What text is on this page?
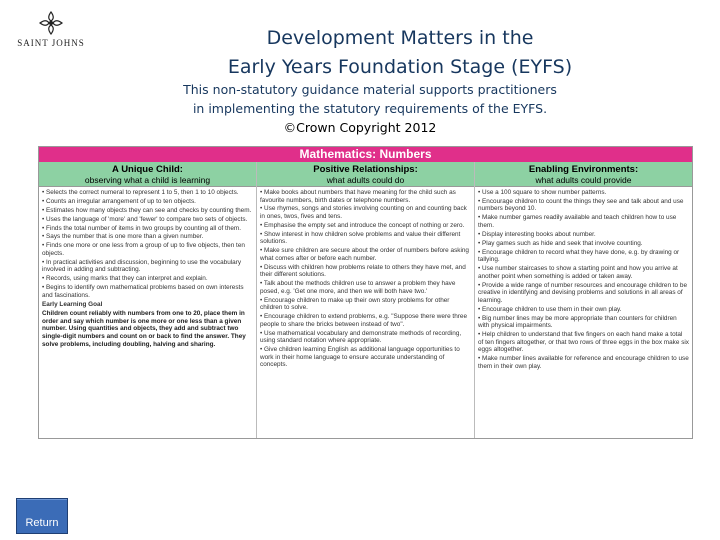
SAINT JOHNS	Development Matters in the
Early Years Foundation Stage (EYFS)
This non-statutory guidance material supports practitioners
in implementing the statutory requirements of the EYFS.
©Crown Copyright 2012
Mathematics: Numbers
A Unique Child:
observing what a child is learning

• Selects the correct numeral to represent 1 to 5, then 1 to 10 objects.

• Counts an irregular arrangement of up to ten objects.

• Estimates how many objects they can see and checks by counting them.

• Uses the language of 'more' and 'fewer' to compare two sets of objects.

• Finds the total number of items in two groups by counting all of them.

• Says the number that is one more than a given number.

• Finds one more or one less from a group of up to five objects, then ten objects.

• In practical activities and discussion, beginning to use the vocabulary involved in adding and subtracting.

• Records, using marks that they can interpret and explain.

• Begins to identify own mathematical problems based on own interests and fascinations.

Early Learning Goal

Children count reliably with numbers from one to 20, place them in order and say which number is one more or one less than a given number. Using quantities and objects, they add and subtract two single-digit numbers and count on or back to find the answer. They solve problems, including doubling, halving and sharing.

Positive Relationships:
what adults could do

• Make books about numbers that have meaning for the child such as favourite numbers, birth dates or telephone numbers.

• Use rhymes, songs and stories involving counting on and counting back in ones, twos, fives and tens.

• Emphasise the empty set and introduce the concept of nothing or zero.

• Show interest in how children solve problems and value their different solutions.

• Make sure children are secure about the order of numbers before asking what comes after or before each number.

• Discuss with children how problems relate to others they have met, and their different solutions.

• Talk about the methods children use to answer a problem they have posed, e.g. 'Get one more, and then we will both have two.'

• Encourage children to make up their own story problems for other children to solve.

• Encourage children to extend problems, e.g. "Suppose there were three people to share the bricks between instead of two".

• Use mathematical vocabulary and demonstrate methods of recording, using standard notation where appropriate.

• Give children learning English as additional language opportunities to work in their home language to ensure accurate understanding of concepts.

Enabling Environments:
what adults could provide

• Use a 100 square to show number patterns.

• Encourage children to count the things they see and talk about and use numbers beyond 10.

• Make number games readily available and teach children how to use them.

• Display interesting books about number.

• Play games such as hide and seek that involve counting.

• Encourage children to record what they have done, e.g. by drawing or tallying.

• Use number staircases to show a starting point and how you arrive at another point when something is added or taken away.

• Provide a wide range of number resources and encourage children to be creative in identifying and devising problems and solutions in all areas of learning.

• Encourage children to use them in their own play.

• Big number lines may be more appropriate than counters for children with physical impairments.

• Help children to understand that five fingers on each hand make a total of ten fingers altogether, or that two rows of three eggs in the box make six eggs altogether.

• Make number lines available for reference and encourage children to use them in their own play.

Return
